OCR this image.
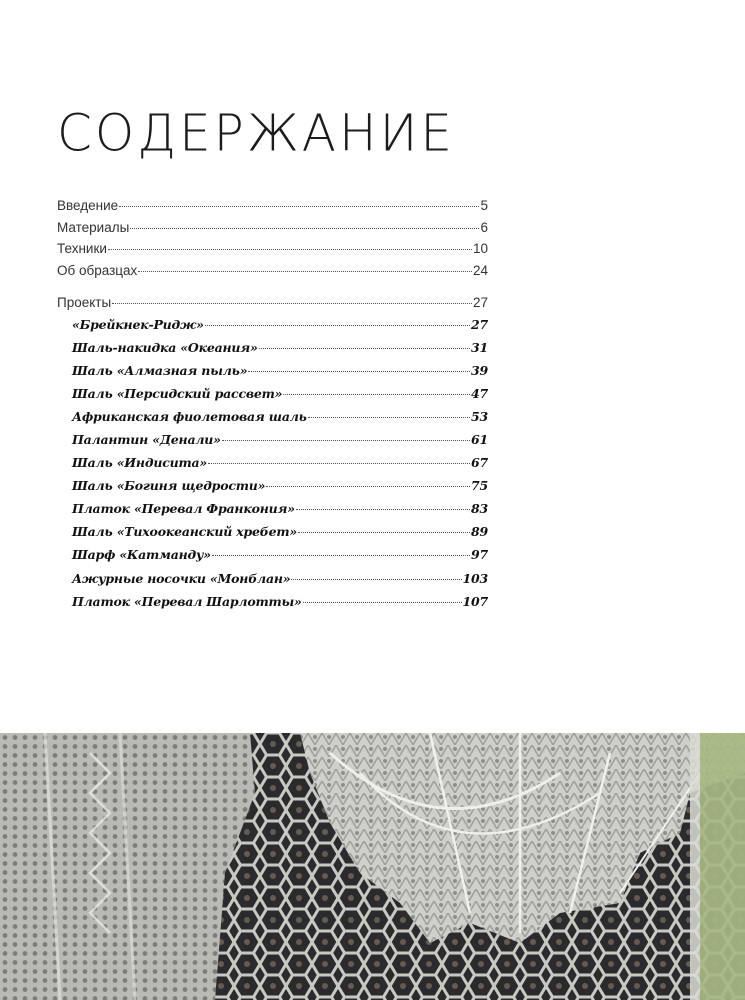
СОДЕРЖАНИЕ
Введение	5
Материалы	6
Техники	10
Об образцах	24
Проекты	27
«Брейкнек-Ридж»	27
Шаль-накидка «Океания»	31
Шаль «Алмазная пыль»	39
Шаль «Персидский рассвет»	47
Африканская фиолетовая шаль	53
Палантин «Денали»	61
Шаль «Индисита»	67
Шаль «Богиня щедрости»	75
Платок «Перевал Франкония»	83
Шаль «Тихоокеанский хребет»	89
Шарф «Катманду»	97
Ажурные носочки «Монблан»	103
Платок «Перевал Шарлотты»	107
